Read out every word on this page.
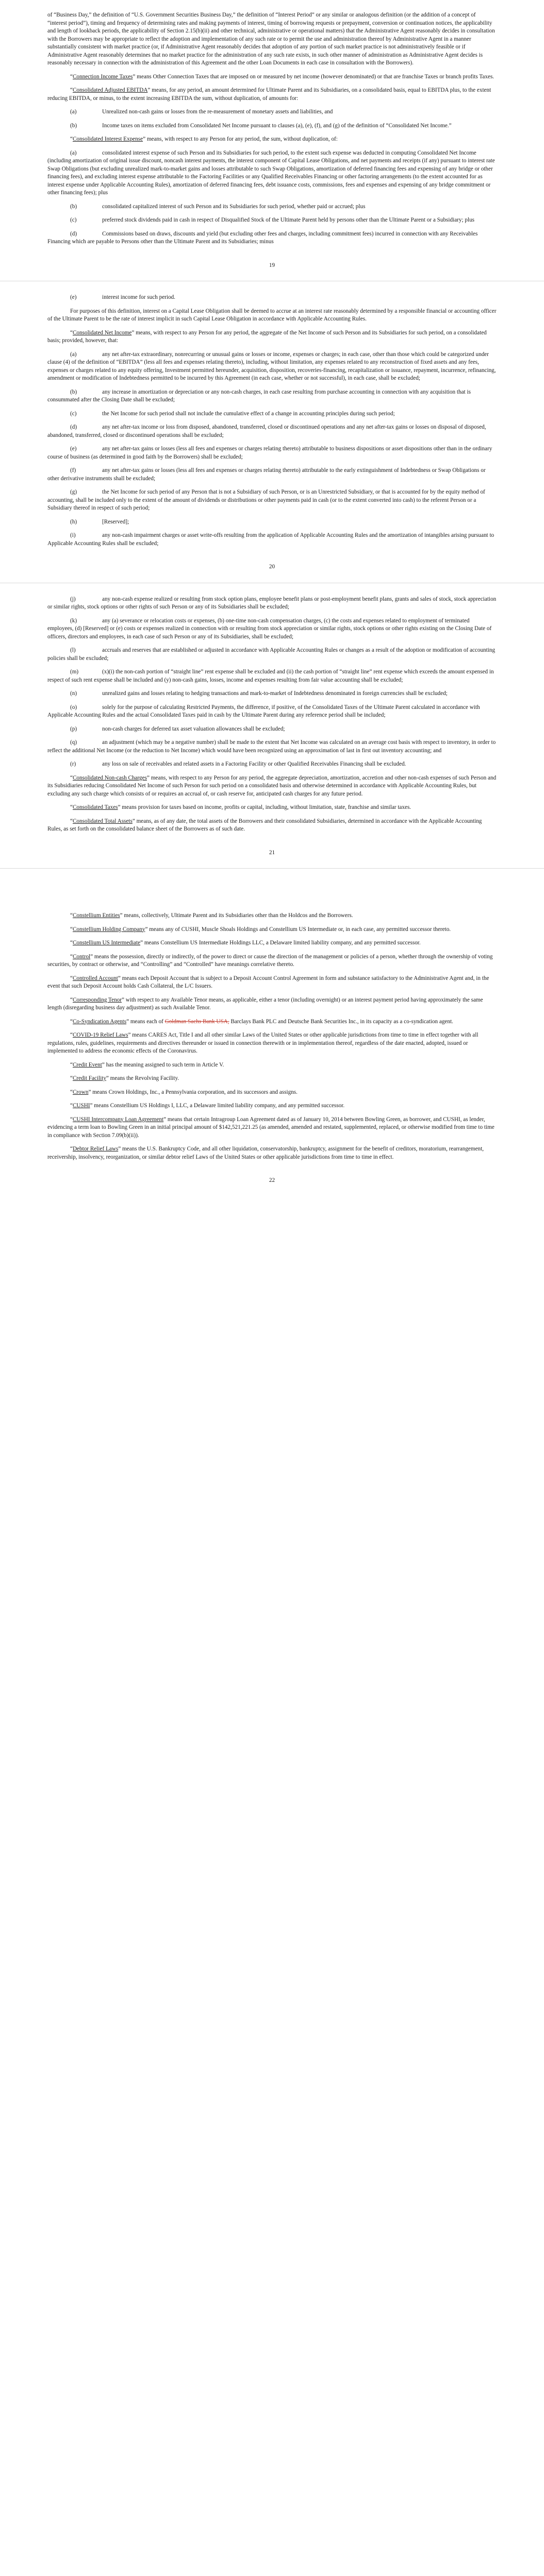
of “Business Day,” the definition of “U.S. Government Securities Business Day,” the definition of “Interest Period” or any similar or analogous definition (or the addition of a concept of “interest period”), timing and frequency of determining rates and making payments of interest, timing of borrowing requests or prepayment, conversion or continuation notices, the applicability and length of lookback periods, the applicability of Section 2.15(b)(ii) and other technical, administrative or operational matters) that the Administrative Agent reasonably decides in consultation with the Borrowers may be appropriate to reflect the adoption and implementation of any such rate or to permit the use and administration thereof by Administrative Agent in a manner substantially consistent with market practice (or, if Administrative Agent reasonably decides that adoption of any portion of such market practice is not administratively feasible or if Administrative Agent reasonably determines that no market practice for the administration of any such rate exists, in such other manner of administration as Administrative Agent decides is reasonably necessary in connection with the administration of this Agreement and the other Loan Documents in each case in consultation with the Borrowers).

“Connection Income Taxes” means Other Connection Taxes that are imposed on or measured by net income (however denominated) or that are franchise Taxes or branch profits Taxes.

“Consolidated Adjusted EBITDA” means, for any period, an amount determined for Ultimate Parent and its Subsidiaries, on a consolidated basis, equal to EBITDA plus, to the extent reducing EBITDA, or minus, to the extent increasing EBITDA the sum, without duplication, of amounts for:

(a)	Unrealized non-cash gains or losses from the re-measurement of monetary assets and liabilities, and

(b)	Income taxes on items excluded from Consolidated Net Income pursuant to clauses (a), (e), (f), and (g) of the definition of “Consolidated Net Income.”

“Consolidated Interest Expense” means, with respect to any Person for any period, the sum, without duplication, of:

(a)	consolidated interest expense of such Person and its Subsidiaries for such period, to the extent such expense was deducted in computing Consolidated Net Income (including amortization of original issue discount, noncash interest payments, the interest component of Capital Lease Obligations, and net payments and receipts (if any) pursuant to interest rate Swap Obligations (but excluding unrealized mark-to-market gains and losses attributable to such Swap Obligations, amortization of deferred financing fees and expensing of any bridge or other financing fees), and excluding interest expense attributable to the Factoring Facilities or any Qualified Receivables Financing or other factoring arrangements (to the extent accounted for as interest expense under Applicable Accounting Rules), amortization of deferred financing fees, debt issuance costs, commissions, fees and expenses and expensing of any bridge commitment or other financing fees); plus

(b)	consolidated capitalized interest of such Person and its Subsidiaries for such period, whether paid or accrued; plus

(c)	preferred stock dividends paid in cash in respect of Disqualified Stock of the Ultimate Parent held by persons other than the Ultimate Parent or a Subsidiary; plus

(d)	Commissions based on draws, discounts and yield (but excluding other fees and charges, including commitment fees) incurred in connection with any Receivables Financing which are payable to Persons other than the Ultimate Parent and its Subsidiaries; minus

19

(e)	interest income for such period.

For purposes of this definition, interest on a Capital Lease Obligation shall be deemed to accrue at an interest rate reasonably determined by a responsible financial or accounting officer of the Ultimate Parent to be the rate of interest implicit in such Capital Lease Obligation in accordance with Applicable Accounting Rules.

“Consolidated Net Income” means, with respect to any Person for any period, the aggregate of the Net Income of such Person and its Subsidiaries for such period, on a consolidated basis; provided, however, that:

(a)	any net after-tax extraordinary, nonrecurring or unusual gains or losses or income, expenses or charges; in each case, other than those which could be categorized under clause (4) of the definition of “EBITDA” (less all fees and expenses relating thereto), including, without limitation, any expenses related to any reconstruction of fixed assets and any fees, expenses or charges related to any equity offering, Investment permitted hereunder, acquisition, disposition, recoveries-financing, recapitalization or issuance, repayment, incurrence, refinancing, amendment or modification of Indebtedness permitted to be incurred by this Agreement (in each case, whether or not successful), in each case, shall be excluded;

(b)	any increase in amortization or depreciation or any non-cash charges, in each case resulting from purchase accounting in connection with any acquisition that is consummated after the Closing Date shall be excluded;

(c)	the Net Income for such period shall not include the cumulative effect of a change in accounting principles during such period;

(d)	any net after-tax income or loss from disposed, abandoned, transferred, closed or discontinued operations and any net after-tax gains or losses on disposal of disposed, abandoned, transferred, closed or discontinued operations shall be excluded;

(e)	any net after-tax gains or losses (less all fees and expenses or charges relating thereto) attributable to business dispositions or asset dispositions other than in the ordinary course of business (as determined in good faith by the Borrowers) shall be excluded;

(f)	any net after-tax gains or losses (less all fees and expenses or charges relating thereto) attributable to the early extinguishment of Indebtedness or Swap Obligations or other derivative instruments shall be excluded;

(g)	the Net Income for such period of any Person that is not a Subsidiary of such Person, or is an Unrestricted Subsidiary, or that is accounted for by the equity method of accounting, shall be included only to the extent of the amount of dividends or distributions or other payments paid in cash (or to the extent converted into cash) to the referent Person or a Subsidiary thereof in respect of such period;

(h)	[Reserved];

(i)	any non-cash impairment charges or asset write-offs resulting from the application of Applicable Accounting Rules and the amortization of intangibles arising pursuant to Applicable Accounting Rules shall be excluded;

20

(j)	any non-cash expense realized or resulting from stock option plans, employee benefit plans or post-employment benefit plans, grants and sales of stock, stock appreciation or similar rights, stock options or other rights of such Person or any of its Subsidiaries shall be excluded;

(k)	any (a) severance or relocation costs or expenses, (b) one-time non-cash compensation charges, (c) the costs and expenses related to employment of terminated employees, (d) [Reserved] or (e) costs or expenses realized in connection with or resulting from stock appreciation or similar rights, stock options or other rights existing on the Closing Date of officers, directors and employees, in each case of such Person or any of its Subsidiaries, shall be excluded;

(l)	accruals and reserves that are established or adjusted in accordance with Applicable Accounting Rules or changes as a result of the adoption or modification of accounting policies shall be excluded;

(m)	(x)(i) the non-cash portion of “straight line” rent expense shall be excluded and (ii) the cash portion of “straight line” rent expense which exceeds the amount expensed in respect of such rent expense shall be included and (y) non-cash gains, losses, income and expenses resulting from fair value accounting shall be excluded;

(n)	unrealized gains and losses relating to hedging transactions and mark-to-market of Indebtedness denominated in foreign currencies shall be excluded;

(o)	solely for the purpose of calculating Restricted Payments, the difference, if positive, of the Consolidated Taxes of the Ultimate Parent calculated in accordance with Applicable Accounting Rules and the actual Consolidated Taxes paid in cash by the Ultimate Parent during any reference period shall be included;

(p)	non-cash charges for deferred tax asset valuation allowances shall be excluded;

(q)	an adjustment (which may be a negative number) shall be made to the extent that Net Income was calculated on an average cost basis with respect to inventory, in order to reflect the additional Net Income (or the reduction to Net Income) which would have been recognized using an approximation of last in first out inventory accounting; and

(r)	any loss on sale of receivables and related assets in a Factoring Facility or other Qualified Receivables Financing shall be excluded.

“Consolidated Non-cash Charges” means, with respect to any Person for any period, the aggregate depreciation, amortization, accretion and other non-cash expenses of such Person and its Subsidiaries reducing Consolidated Net Income of such Person for such period on a consolidated basis and otherwise determined in accordance with Applicable Accounting Rules, but excluding any such charge which consists of or requires an accrual of, or cash reserve for, anticipated cash charges for any future period.

“Consolidated Taxes” means provision for taxes based on income, profits or capital, including, without limitation, state, franchise and similar taxes.

“Consolidated Total Assets” means, as of any date, the total assets of the Borrowers and their consolidated Subsidiaries, determined in accordance with the Applicable Accounting Rules, as set forth on the consolidated balance sheet of the Borrowers as of such date.

21

“Constellium Entities” means, collectively, Ultimate Parent and its Subsidiaries other than the Holdcos and the Borrowers.

“Constellium Holding Company” means any of CUSHI, Muscle Shoals Holdings and Constellium US Intermediate or, in each case, any permitted successor thereto.

“Constellium US Intermediate” means Constellium US Intermediate Holdings LLC, a Delaware limited liability company, and any permitted successor.

“Control” means the possession, directly or indirectly, of the power to direct or cause the direction of the management or policies of a person, whether through the ownership of voting securities, by contract or otherwise, and “Controlling” and “Controlled” have meanings correlative thereto.

“Controlled Account” means each Deposit Account that is subject to a Deposit Account Control Agreement in form and substance satisfactory to the Administrative Agent and, in the event that such Deposit Account holds Cash Collateral, the L/C Issuers.

“Corresponding Tenor” with respect to any Available Tenor means, as applicable, either a tenor (including overnight) or an interest payment period having approximately the same length (disregarding business day adjustment) as such Available Tenor.

“Co-Syndication Agents” means each of Goldman Sachs Bank USA, Barclays Bank PLC and Deutsche Bank Securities Inc., in its capacity as a co-syndication agent.

“COVID-19 Relief Laws” means CARES Act, Title I and all other similar Laws of the United States or other applicable jurisdictions from time to time in effect together with all regulations, rules, guidelines, requirements and directives thereunder or issued in connection therewith or in implementation thereof, regardless of the date enacted, adopted, issued or implemented to address the economic effects of the Coronavirus.

“Credit Event” has the meaning assigned to such term in Article V.

“Credit Facility” means the Revolving Facility.

“Crown” means Crown Holdings, Inc., a Pennsylvania corporation, and its successors and assigns.

“CUSHI” means Constellium US Holdings I, LLC, a Delaware limited liability company, and any permitted successor.

“CUSHI Intercompany Loan Agreement” means that certain Intragroup Loan Agreement dated as of January 10, 2014 between Bowling Green, as borrower, and CUSHI, as lender, evidencing a term loan to Bowling Green in an initial principal amount of $142,521,221.25 (as amended, amended and restated, supplemented, replaced, or otherwise modified from time to time in compliance with Section 7.09(b)(ii)).

“Debtor Relief Laws” means the U.S. Bankruptcy Code, and all other liquidation, conservatorship, bankruptcy, assignment for the benefit of creditors, moratorium, rearrangement, receivership, insolvency, reorganization, or similar debtor relief Laws of the United States or other applicable jurisdictions from time to time in effect.

22
